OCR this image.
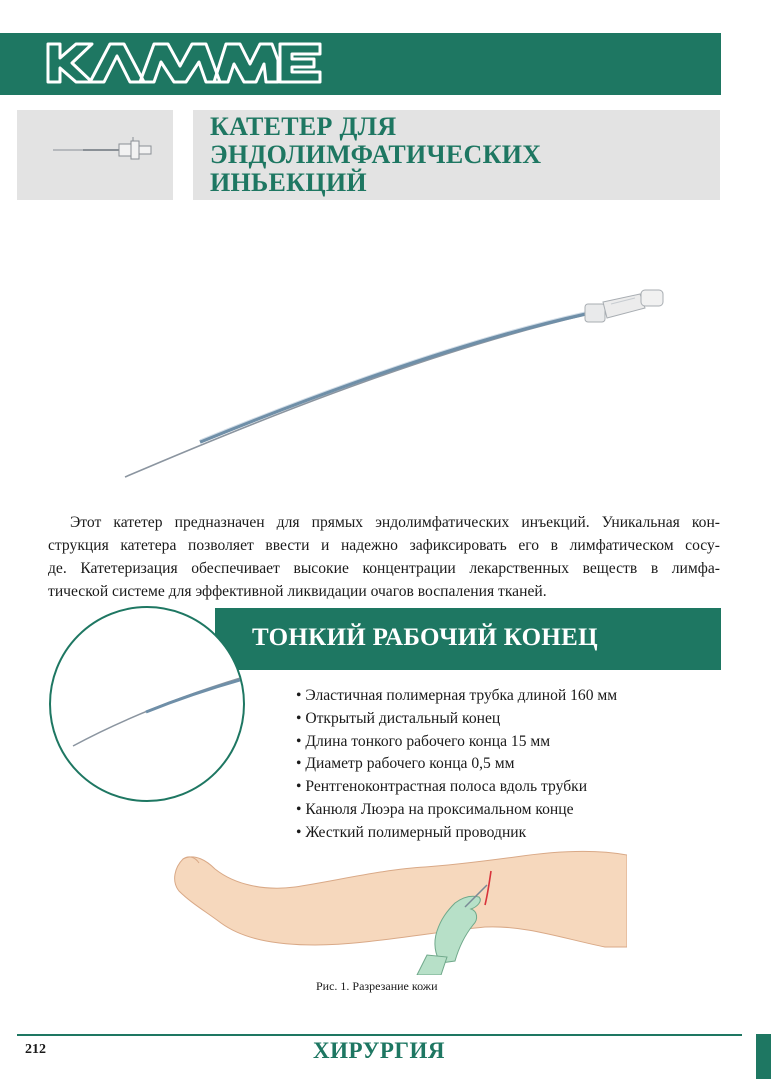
КАТЕТЕР ДЛЯ
ЭНДОЛИМФАТИЧЕСКИХ
ИНЬЕКЦИЙ
Этот катетер предназначен для прямых эндолимфатических инъекций. Уникальная кон-
струкция катетера позволяет ввести и надежно зафиксировать его в лимфатическом сосу-
де. Катетеризация обеспечивает высокие концентрации лекарственных веществ в лимфа-
тической системе для эффективной ликвидации очагов воспаления тканей.
ТОНКИЙ РАБОЧИЙ КОНЕЦ
• Эластичная полимерная трубка длиной 160 мм
• Открытый дистальный конец
• Длина тонкого рабочего конца 15 мм
• Диаметр рабочего конца 0,5 мм
• Рентгеноконтрастная полоса вдоль трубки
• Канюля Люэра на проксимальном конце
• Жесткий полимерный проводник
Рис. 1. Разрезание кожи
212	ХИРУРГИЯ
